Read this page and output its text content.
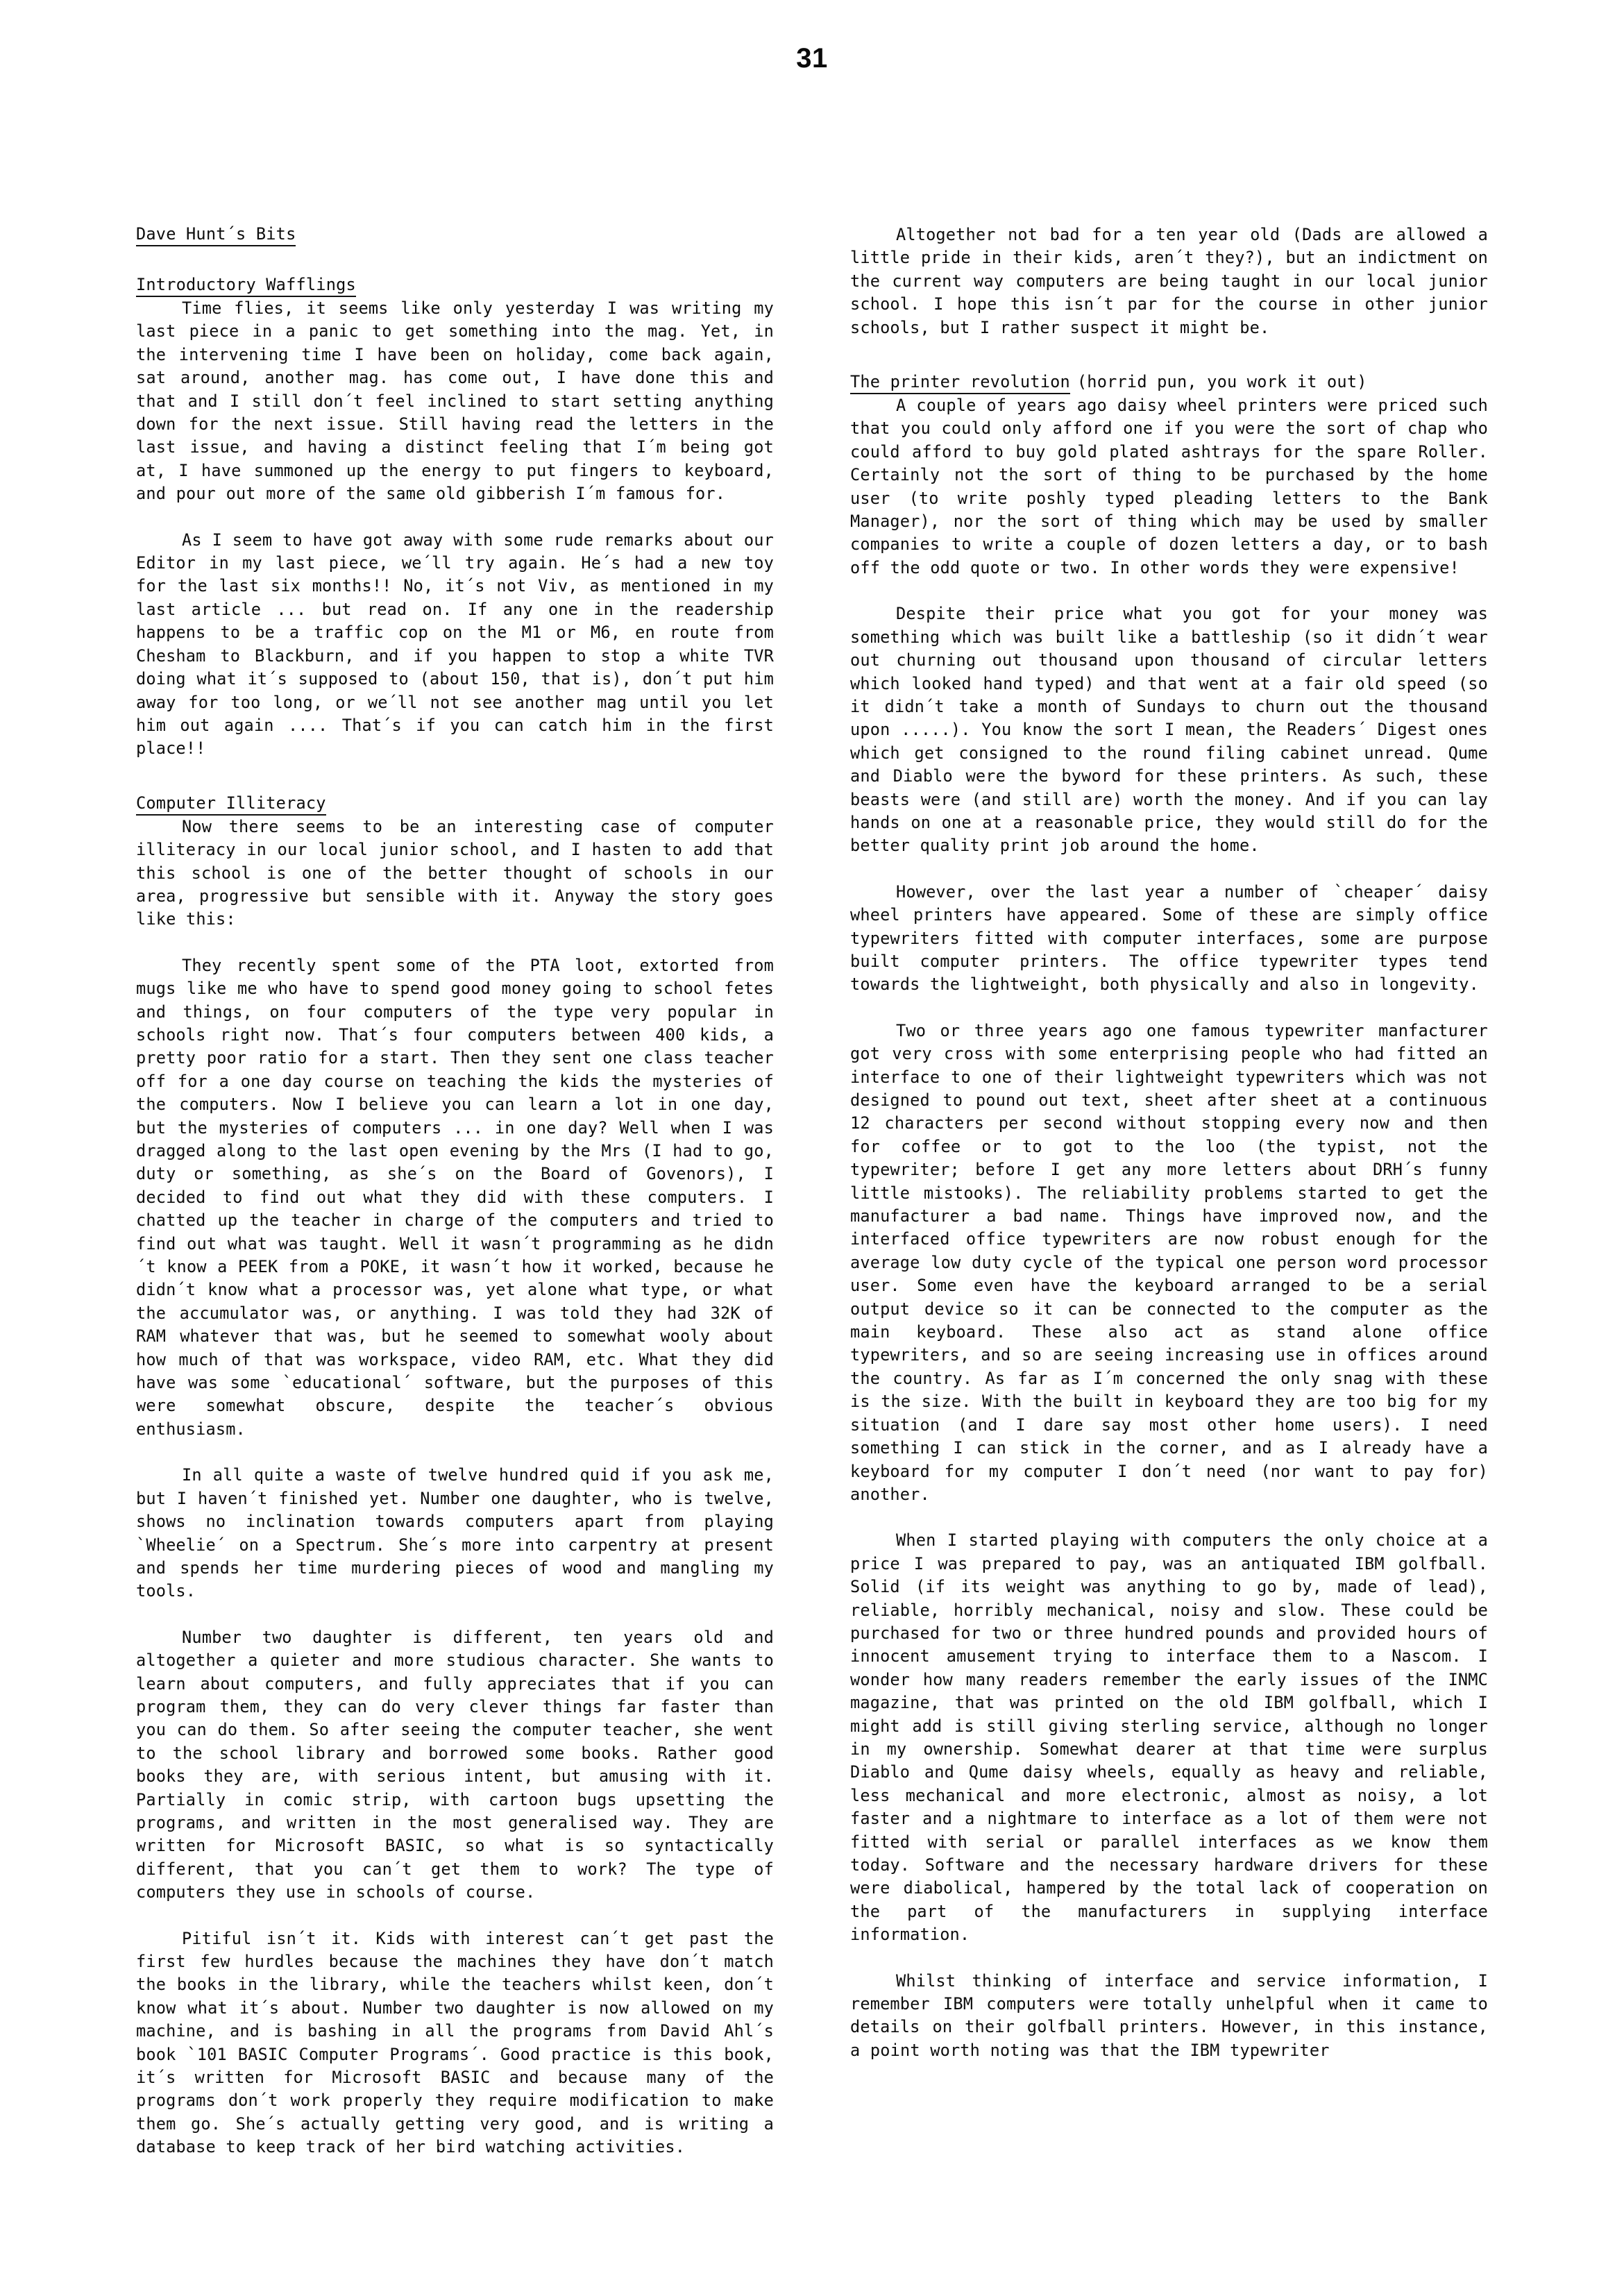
31
Dave Hunt´s Bits
Introductory Wafflings

Time flies, it seems like only yesterday I was writing my last piece in a panic to get something into the mag. Yet, in the intervening time I have been on holiday, come back again, sat around, another mag. has come out, I have done this and that and I still don´t feel inclined to start setting anything down for the next issue. Still having read the letters in the last issue, and having a distinct feeling that I´m being got at, I have summoned up the energy to put fingers to keyboard, and pour out more of the same old gibberish I´m famous for.

As I seem to have got away with some rude remarks about our Editor in my last piece, we´ll try again. He´s had a new toy for the last six months!! No, it´s not Viv, as mentioned in my last article ... but read on. If any one in the readership happens to be a traffic cop on the M1 or M6, en route from Chesham to Blackburn, and if you happen to stop a white TVR doing what it´s supposed to (about 150, that is), don´t put him away for too long, or we´ll not see another mag until you let him out again .... That´s if you can catch him in the first place!!

Computer Illiteracy

Now there seems to be an interesting case of computer illiteracy in our local junior school, and I hasten to add that this school is one of the better thought of schools in our area, progressive but sensible with it. Anyway the story goes like this:

They recently spent some of the PTA loot, extorted from mugs like me who have to spend good money going to school fetes and things, on four computers of the type very popular in schools right now. That´s four computers between 400 kids, a pretty poor ratio for a start. Then they sent one class teacher off for a one day course on teaching the kids the mysteries of the computers. Now I believe you can learn a lot in one day, but the mysteries of computers ... in one day? Well when I was dragged along to the last open evening by the Mrs (I had to go, duty or something, as she´s on the Board of Govenors), I decided to find out what they did with these computers. I chatted up the teacher in charge of the computers and tried to find out what was taught. Well it wasn´t programming as he didn´t know a PEEK from a POKE, it wasn´t how it worked, because he didn´t know what a processor was, yet alone what type, or what the accumulator was, or anything. I was told they had 32K of RAM whatever that was, but he seemed to somewhat wooly about how much of that was workspace, video RAM, etc. What they did have was some `educational´ software, but the purposes of this were somewhat obscure, despite the teacher´s obvious enthusiasm.

In all quite a waste of twelve hundred quid if you ask me, but I haven´t finished yet. Number one daughter, who is twelve, shows no inclination towards computers apart from playing `Wheelie´ on a Spectrum. She´s more into carpentry at present and spends her time murdering pieces of wood and mangling my tools.

Number two daughter is different, ten years old and altogether a quieter and more studious character. She wants to learn about computers, and fully appreciates that if you can program them, they can do very clever things far faster than you can do them. So after seeing the computer teacher, she went to the school library and borrowed some books. Rather good books they are, with serious intent, but amusing with it. Partially in comic strip, with cartoon bugs upsetting the programs, and written in the most generalised way. They are written for Microsoft BASIC, so what is so syntactically different, that you can´t get them to work? The type of computers they use in schools of course.

Pitiful isn´t it. Kids with interest can´t get past the first few hurdles because the machines they have don´t match the books in the library, while the teachers whilst keen, don´t know what it´s about. Number two daughter is now allowed on my machine, and is bashing in all the programs from David Ahl´s book `101 BASIC Computer Programs´. Good practice is this book, it´s written for Microsoft BASIC and because many of the programs don´t work properly they require modification to make them go. She´s actually getting very good, and is writing a database to keep track of her bird watching activities.

Altogether not bad for a ten year old (Dads are allowed a little pride in their kids, aren´t they?), but an indictment on the current way computers are being taught in our local junior school. I hope this isn´t par for the course in other junior schools, but I rather suspect it might be.

The printer revolution (horrid pun, you work it out)

A couple of years ago daisy wheel printers were priced such that you could only afford one if you were the sort of chap who could afford to buy gold plated ashtrays for the spare Roller. Certainly not the sort of thing to be purchased by the home user (to write poshly typed pleading letters to the Bank Manager), nor the sort of thing which may be used by smaller companies to write a couple of dozen letters a day, or to bash off the odd quote or two. In other words they were expensive!

Despite their price what you got for your money was something which was built like a battleship (so it didn´t wear out churning out thousand upon thousand of circular letters which looked hand typed) and that went at a fair old speed (so it didn´t take a month of Sundays to churn out the thousand upon .....). You know the sort I mean, the Readers´ Digest ones which get consigned to the round filing cabinet unread. Qume and Diablo were the byword for these printers. As such, these beasts were (and still are) worth the money. And if you can lay hands on one at a reasonable price, they would still do for the better quality print job around the home.

However, over the last year a number of `cheaper´ daisy wheel printers have appeared. Some of these are simply office typewriters fitted with computer interfaces, some are purpose built computer printers. The office typewriter types tend towards the lightweight, both physically and also in longevity.

Two or three years ago one famous typewriter manfacturer got very cross with some enterprising people who had fitted an interface to one of their lightweight typewriters which was not designed to pound out text, sheet after sheet at a continuous 12 characters per second without stopping every now and then for coffee or to got to the loo (the typist, not the typewriter; before I get any more letters about DRH´s funny little mistooks). The reliability problems started to get the manufacturer a bad name. Things have improved now, and the interfaced office typewriters are now robust enough for the average low duty cycle of the typical one person word processor user. Some even have the keyboard arranged to be a serial output device so it can be connected to the computer as the main keyboard. These also act as stand alone office typewriters, and so are seeing increasing use in offices around the country. As far as I´m concerned the only snag with these is the size. With the built in keyboard they are too big for my situation (and I dare say most other home users). I need something I can stick in the corner, and as I already have a keyboard for my computer I don´t need (nor want to pay for) another.

When I started playing with computers the only choice at a price I was prepared to pay, was an antiquated IBM golfball. Solid (if its weight was anything to go by, made of lead), reliable, horribly mechanical, noisy and slow. These could be purchased for two or three hundred pounds and provided hours of innocent amusement trying to interface them to a Nascom. I wonder how many readers remember the early issues of the INMC magazine, that was printed on the old IBM golfball, which I might add is still giving sterling service, although no longer in my ownership. Somewhat dearer at that time were surplus Diablo and Qume daisy wheels, equally as heavy and reliable, less mechanical and more electronic, almost as noisy, a lot faster and a nightmare to interface as a lot of them were not fitted with serial or parallel interfaces as we know them today. Software and the necessary hardware drivers for these were diabolical, hampered by the total lack of cooperation on the part of the manufacturers in supplying interface information.

Whilst thinking of interface and service information, I remember IBM computers were totally unhelpful when it came to details on their golfball printers. However, in this instance, a point worth noting was that the IBM typewriter
